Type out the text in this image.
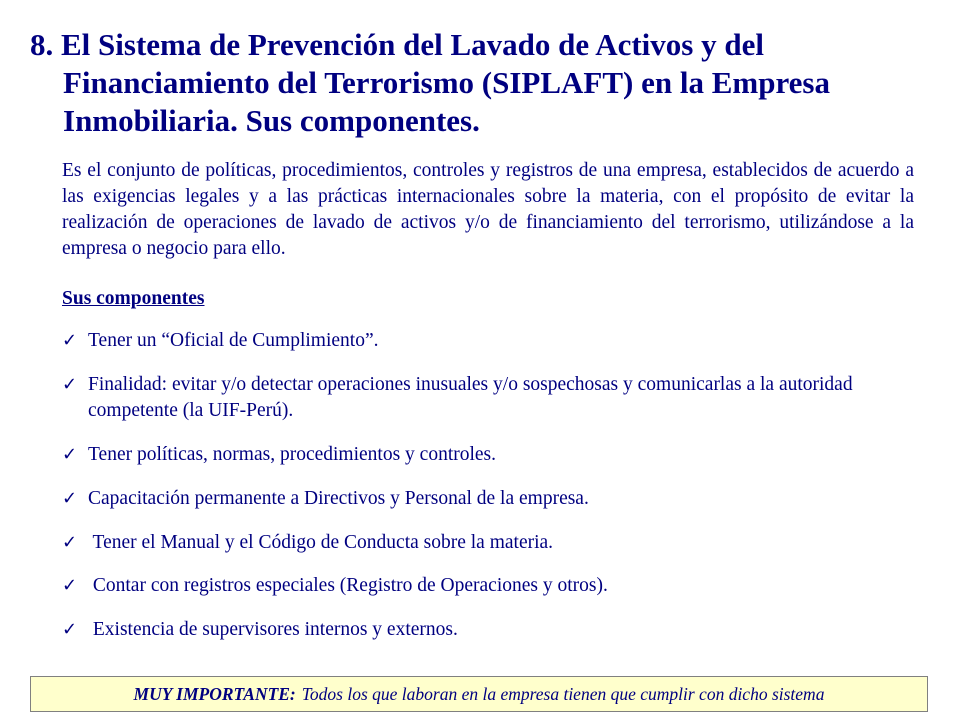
8. El Sistema de Prevención del Lavado de Activos y del Financiamiento del Terrorismo (SIPLAFT) en la Empresa Inmobiliaria. Sus componentes.

Es el conjunto de políticas, procedimientos, controles y registros de una empresa, establecidos de acuerdo a las exigencias legales y a las prácticas internacionales sobre la materia, con el propósito de evitar la realización de operaciones de lavado de activos y/o de financiamiento del terrorismo, utilizándose a la empresa o negocio para ello.

Sus componentes

✓ Tener un “Oficial de Cumplimiento”.
✓ Finalidad: evitar y/o detectar operaciones inusuales y/o sospechosas y comunicarlas a la autoridad competente (la UIF-Perú).
✓ Tener políticas, normas, procedimientos y controles.
✓ Capacitación permanente a Directivos y Personal de la empresa.
✓ Tener el Manual y el Código de Conducta sobre la materia.
✓ Contar con registros especiales (Registro de Operaciones y otros).
✓ Existencia de supervisores internos y externos.
MUY IMPORTANTE: Todos los que laboran en la empresa tienen que cumplir con dicho sistema
